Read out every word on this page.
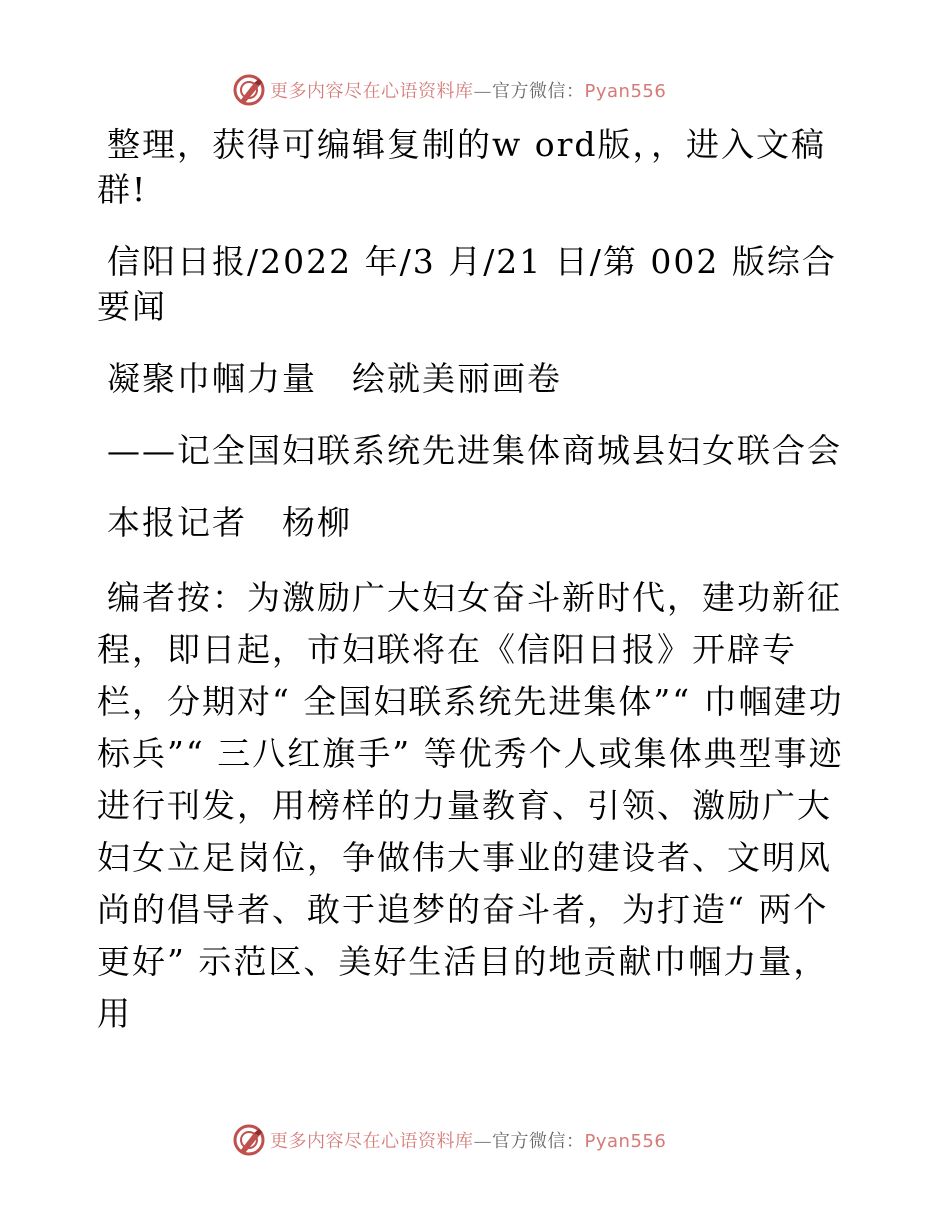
更多内容尽在心语资料库—官方微信：Pyan556

整理，获得可编辑复制的w ord版，，进入文稿群!

信阳日报/2022 年/3 月/21 日/第 002 版综合要闻

凝聚巾帼力量　绘就美丽画卷

——记全国妇联系统先进集体商城县妇女联合会

本报记者　杨柳

编者按：为激励广大妇女奋斗新时代，建功新征程，即日起，市妇联将在《信阳日报》开辟专栏，分期对“ 全国妇联系统先进集体”“ 巾帼建功标兵”“ 三八红旗手” 等优秀个人或集体典型事迹进行刊发，用榜样的力量教育、引领、激励广大妇女立足岗位，争做伟大事业的建设者、文明风尚的倡导者、敢于追梦的奋斗者，为打造“ 两个更好” 示范区、美好生活目的地贡献巾帼力量，用

更多内容尽在心语资料库—官方微信：Pyan556
